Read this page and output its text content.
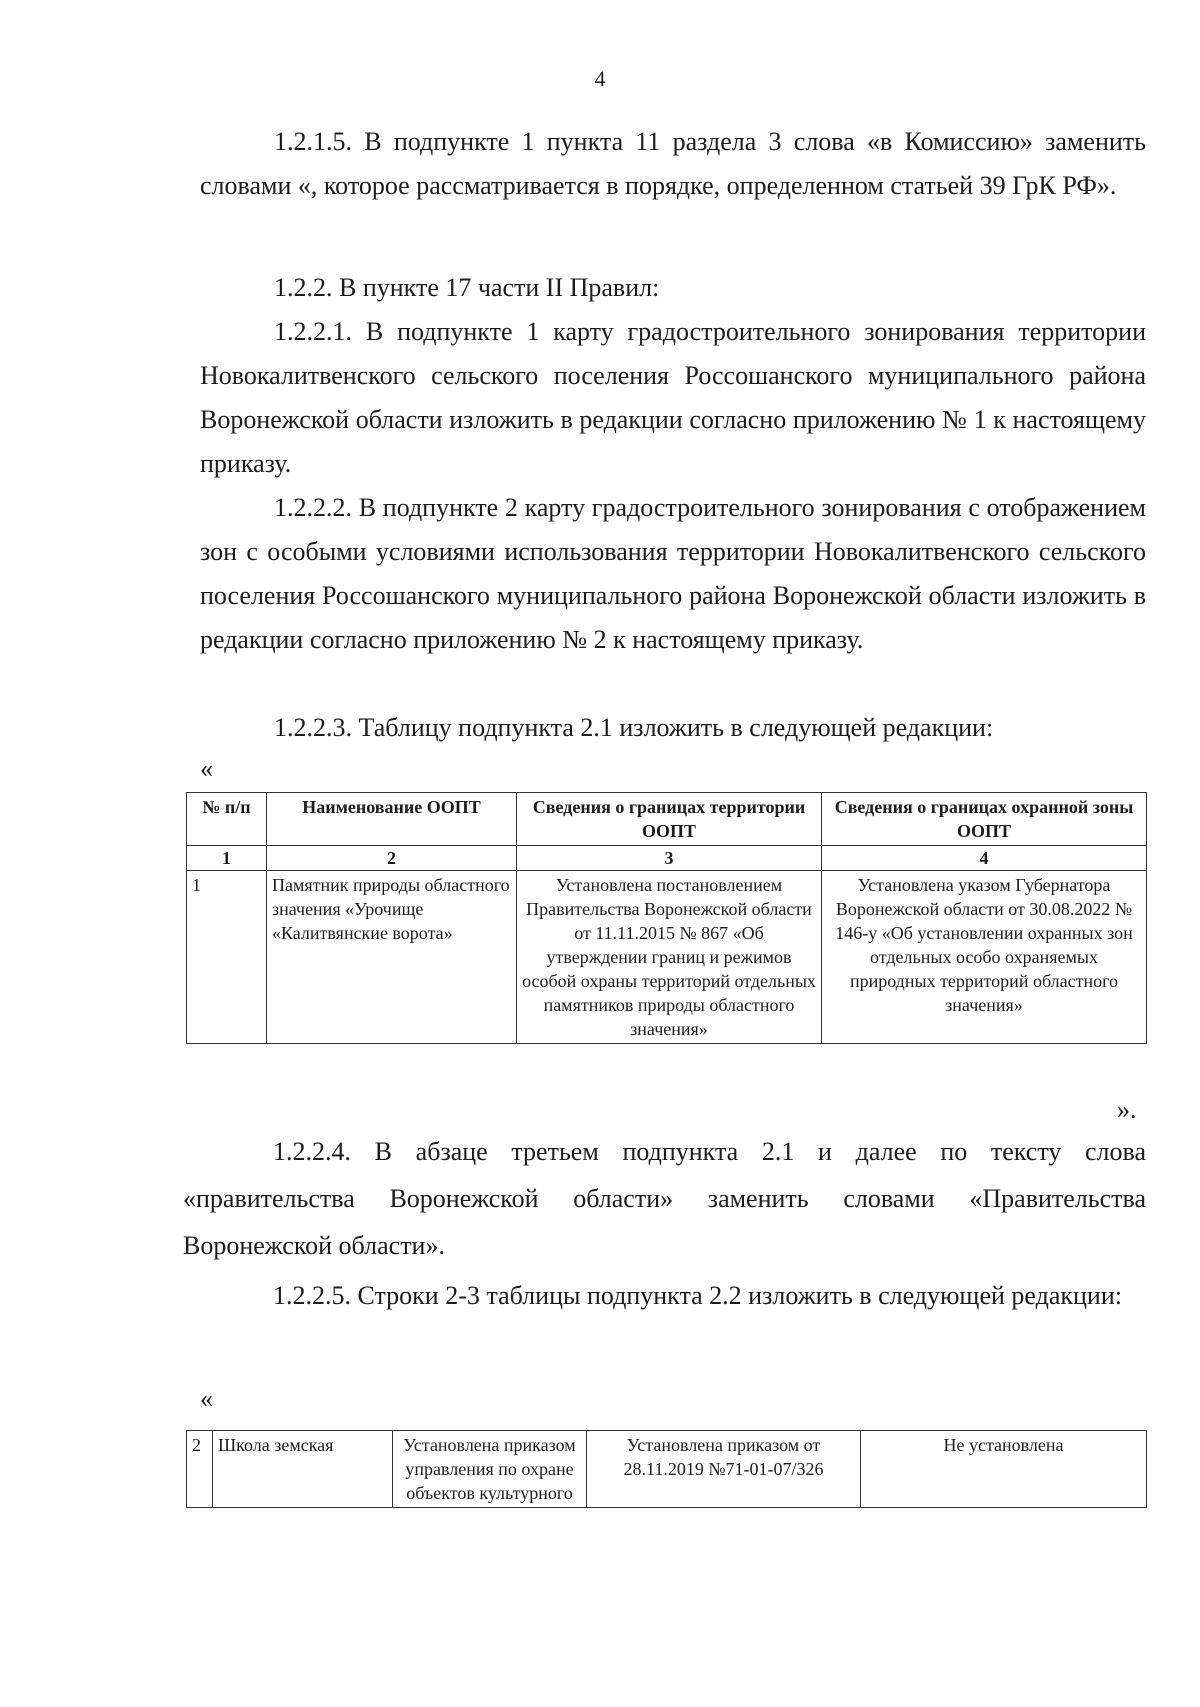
4

1.2.1.5. В подпункте 1 пункта 11 раздела 3 слова «в Комиссию» заменить словами «, которое рассматривается в порядке, определенном статьей 39 ГрК РФ».

1.2.2. В пункте 17 части II Правил:

1.2.2.1. В подпункте 1 карту градостроительного зонирования территории Новокалитвенского сельского поселения Россошанского муниципального района Воронежской области изложить в редакции согласно приложению № 1 к настоящему приказу.

1.2.2.2. В подпункте 2 карту градостроительного зонирования с отображением зон с особыми условиями использования территории Новокалитвенского сельского поселения Россошанского муниципального района Воронежской области изложить в редакции согласно приложению № 2 к настоящему приказу.

1.2.2.3. Таблицу подпункта 2.1 изложить в следующей редакции:

«
№ п/п	Наименование ООПТ	Сведения о границах территории ООПТ	Сведения о границах охранной зоны ООПТ
1	2	3	4
1	Памятник природы областного значения «Урочище «Калитвянские ворота»	Установлена постановлением Правительства Воронежской области от 11.11.2015 № 867 «Об утверждении границ и режимов особой охраны территорий отдельных памятников природы областного значения»	Установлена указом Губернатора Воронежской области от 30.08.2022 № 146-у «Об установлении охранных зон отдельных особо охраняемых природных территорий областного значения»
».

1.2.2.4. В абзаце третьем подпункта 2.1 и далее по тексту слова «правительства Воронежской области» заменить словами «Правительства Воронежской области».

1.2.2.5. Строки 2-3 таблицы подпункта 2.2 изложить в следующей редакции:

«
2	Школа земская	Установлена приказом управления по охране объектов культурного	Установлена приказом от 28.11.2019 №71-01-07/326	Не установлена
